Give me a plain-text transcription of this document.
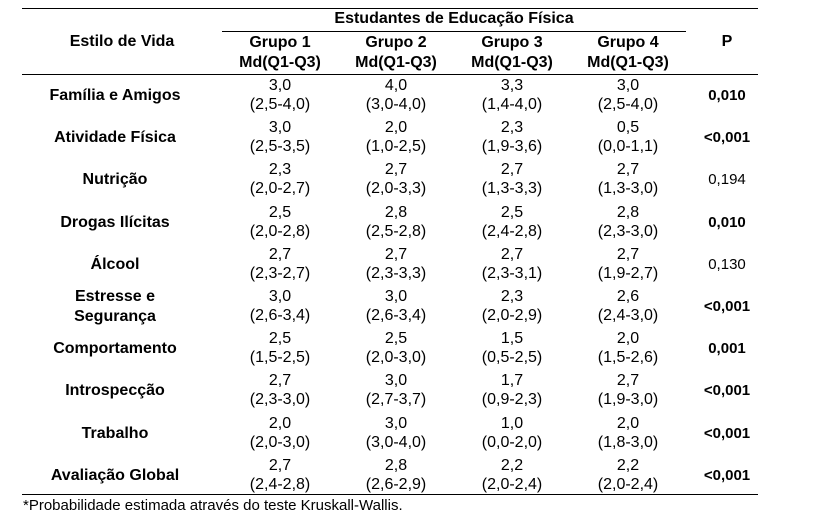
Estilo de Vida
Estudantes de Educação Física
Grupo 1
Md(Q1-Q3)
Grupo 2
Md(Q1-Q3)
Grupo 3
Md(Q1-Q3)
Grupo 4
Md(Q1-Q3)
P
Família e Amigos
3,0
(2,5-4,0)
4,0
(3,0-4,0)
3,3
(1,4-4,0)
3,0
(2,5-4,0)
0,010
Atividade Física
3,0
(2,5-3,5)
2,0
(1,0-2,5)
2,3
(1,9-3,6)
0,5
(0,0-1,1)
<0,001
Nutrição
2,3
(2,0-2,7)
2,7
(2,0-3,3)
2,7
(1,3-3,3)
2,7
(1,3-3,0)
0,194
Drogas Ilícitas
2,5
(2,0-2,8)
2,8
(2,5-2,8)
2,5
(2,4-2,8)
2,8
(2,3-3,0)
0,010
Álcool
2,7
(2,3-2,7)
2,7
(2,3-3,3)
2,7
(2,3-3,1)
2,7
(1,9-2,7)
0,130
Estresse e
Segurança
3,0
(2,6-3,4)
3,0
(2,6-3,4)
2,3
(2,0-2,9)
2,6
(2,4-3,0)
<0,001
Comportamento
2,5
(1,5-2,5)
2,5
(2,0-3,0)
1,5
(0,5-2,5)
2,0
(1,5-2,6)
0,001
Introspecção
2,7
(2,3-3,0)
3,0
(2,7-3,7)
1,7
(0,9-2,3)
2,7
(1,9-3,0)
<0,001
Trabalho
2,0
(2,0-3,0)
3,0
(3,0-4,0)
1,0
(0,0-2,0)
2,0
(1,8-3,0)
<0,001
Avaliação Global
2,7
(2,4-2,8)
2,8
(2,6-2,9)
2,2
(2,0-2,4)
2,2
(2,0-2,4)
<0,001
*Probabilidade estimada através do teste Kruskall-Wallis.
